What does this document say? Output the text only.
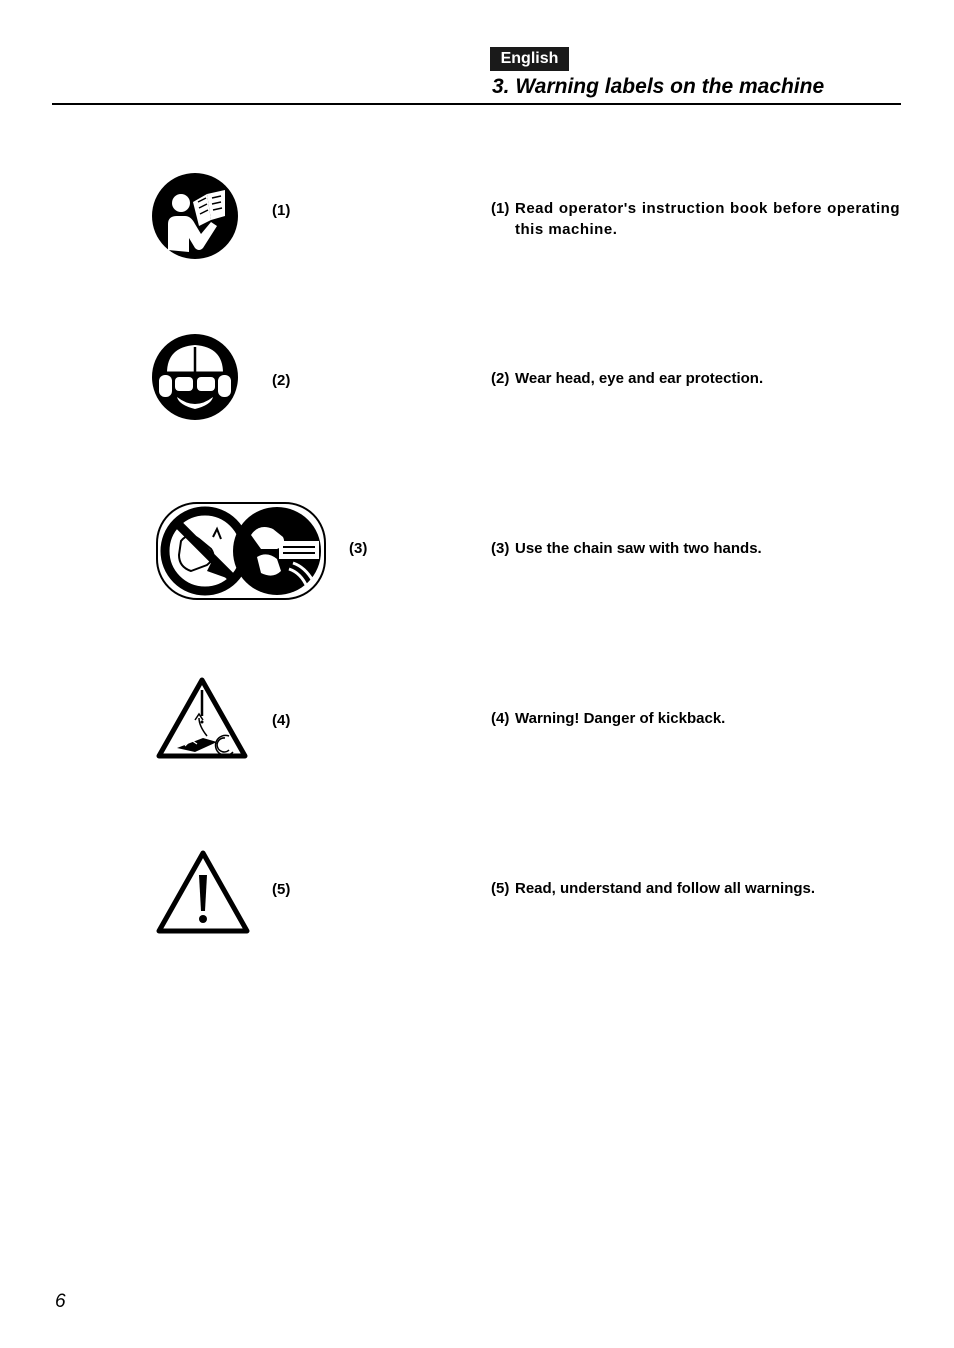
English
3. Warning labels on the machine
(1)	(1) Read operator's instruction book before operating this machine.
(2)	(2) Wear head, eye and ear protection.
(3)	(3) Use the chain saw with two hands.
(4)	(4) Warning! Danger of kickback.
(5)	(5) Read, understand and follow all warnings.
6
